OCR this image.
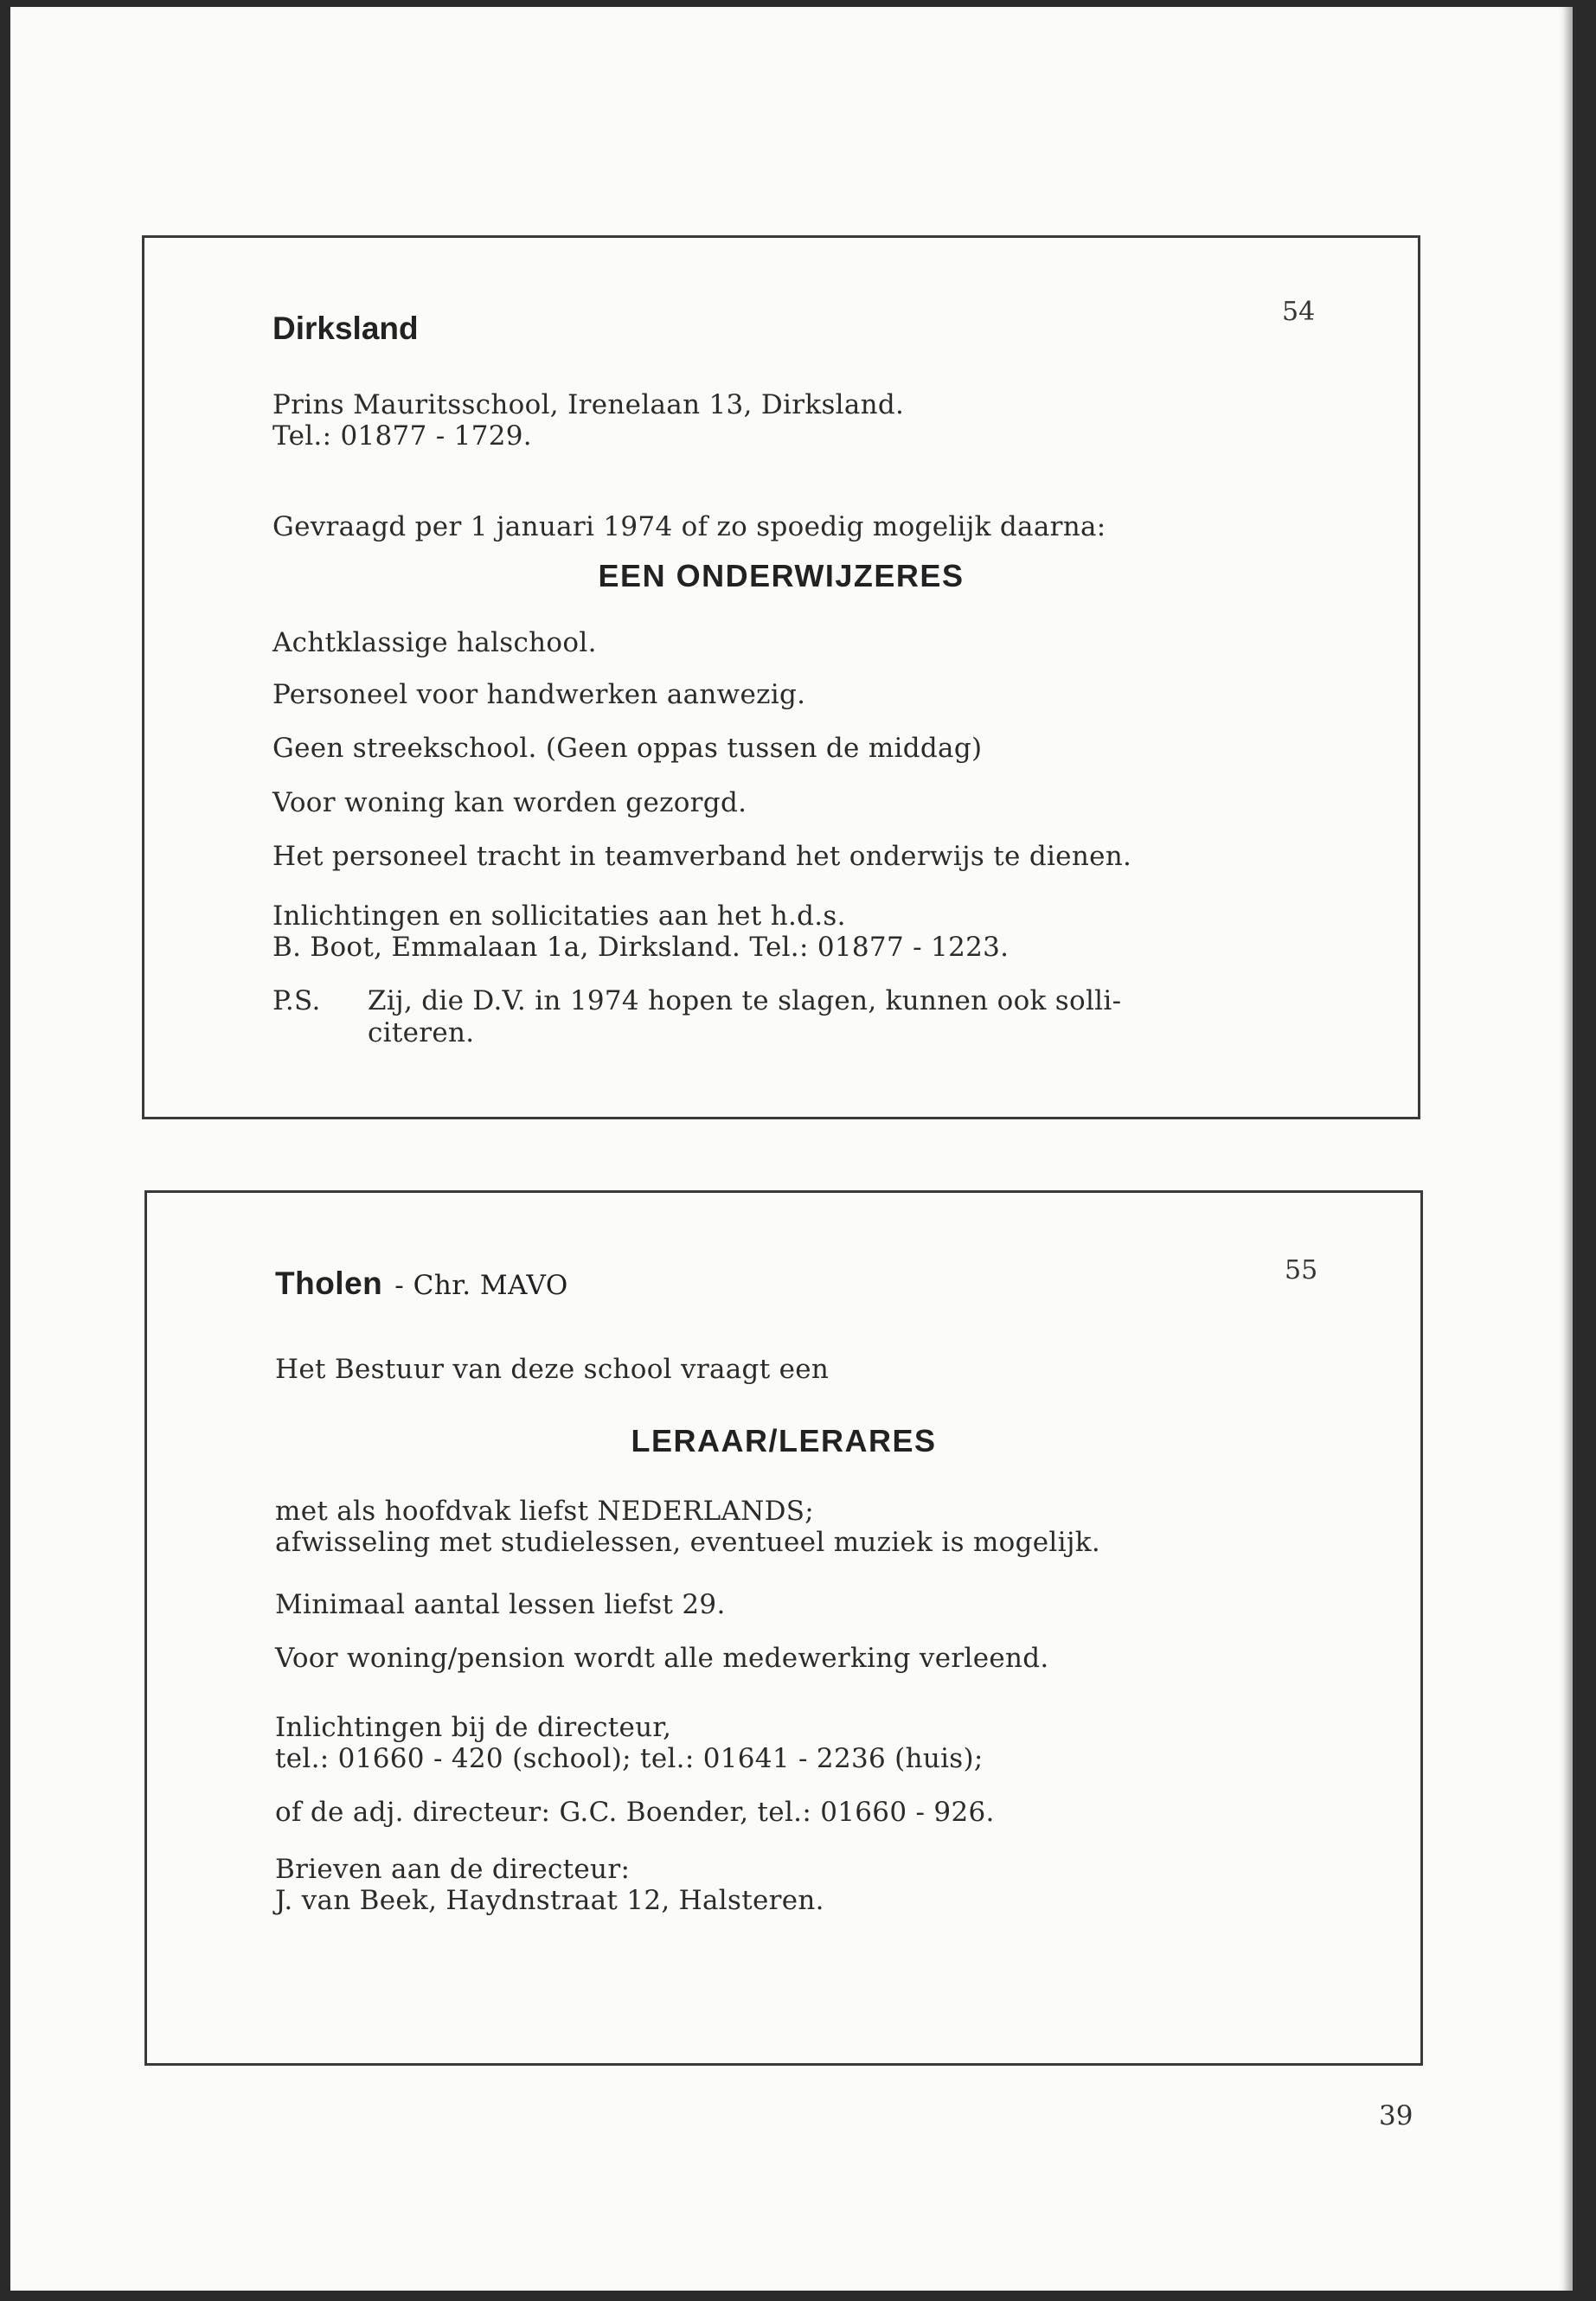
Dirksland	54
Prins Mauritsschool, Irenelaan 13, Dirksland.
Tel.: 01877 - 1729.
Gevraagd per 1 januari 1974 of zo spoedig mogelijk daarna:
EEN ONDERWIJZERES
Achtklassige halschool.
Personeel voor handwerken aanwezig.
Geen streekschool. (Geen oppas tussen de middag)
Voor woning kan worden gezorgd.
Het personeel tracht in teamverband het onderwijs te dienen.
Inlichtingen en sollicitaties aan het h.d.s.
B. Boot, Emmalaan 1a, Dirksland. Tel.: 01877 - 1223.
P.S. Zij, die D.V. in 1974 hopen te slagen, kunnen ook solli-
citeren.
Tholen - Chr. MAVO	55
Het Bestuur van deze school vraagt een
LERAAR/LERARES
met als hoofdvak liefst NEDERLANDS;
afwisseling met studielessen, eventueel muziek is mogelijk.
Minimaal aantal lessen liefst 29.
Voor woning/pension wordt alle medewerking verleend.
Inlichtingen bij de directeur,
tel.: 01660 - 420 (school); tel.: 01641 - 2236 (huis);
of de adj. directeur: G.C. Boender, tel.: 01660 - 926.
Brieven aan de directeur:
J. van Beek, Haydnstraat 12, Halsteren.
39
